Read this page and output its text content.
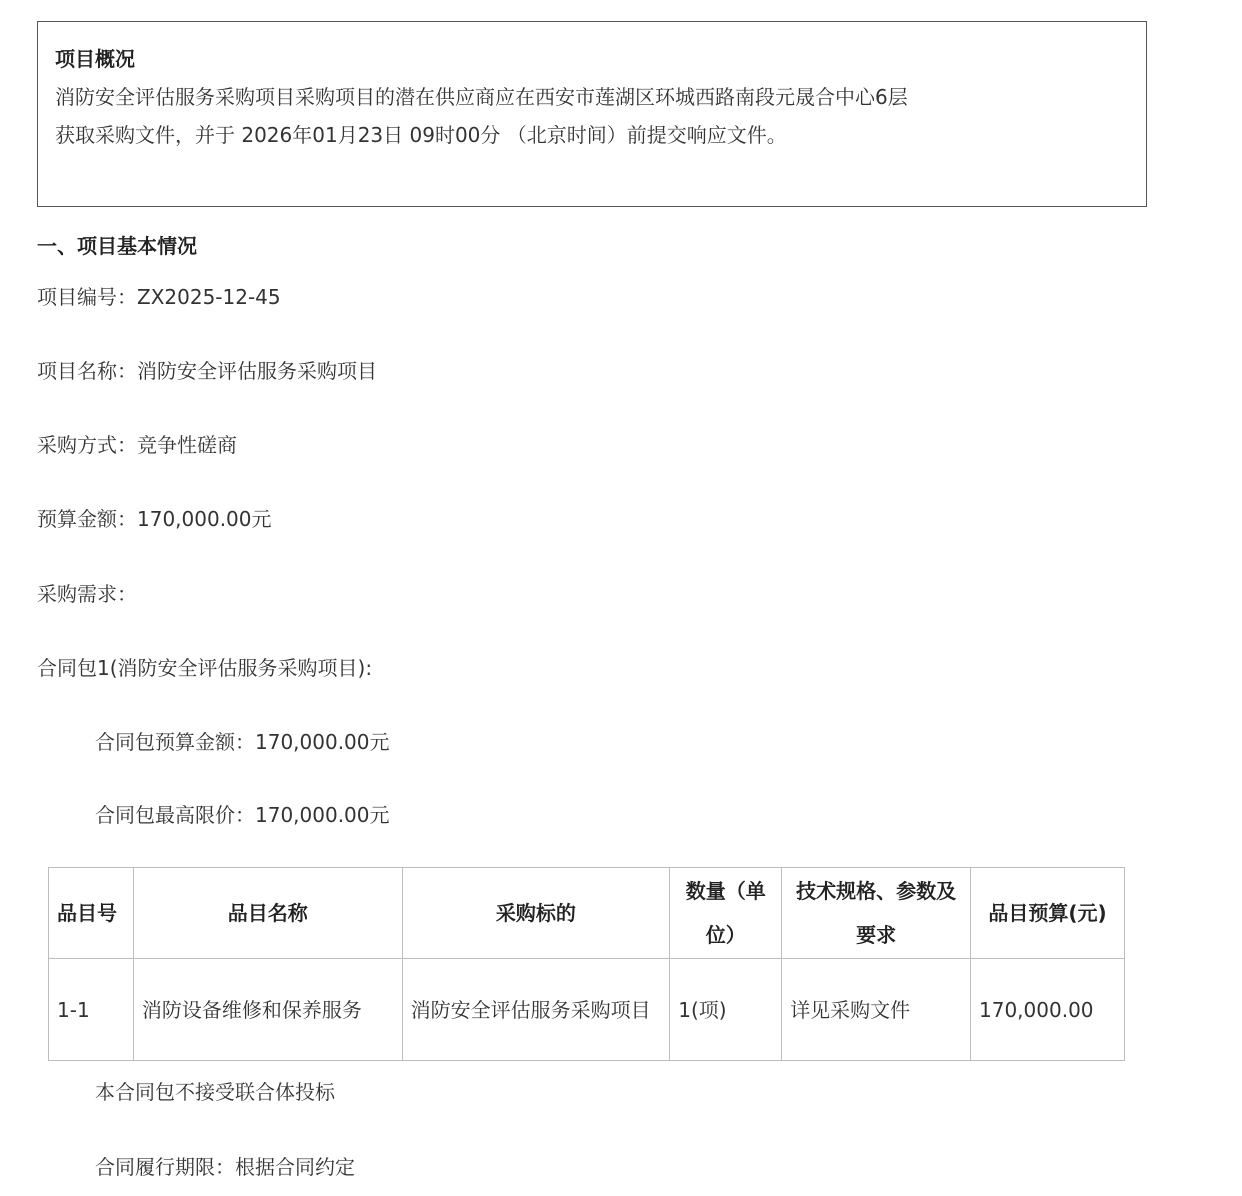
项目概况
消防安全评估服务采购项目采购项目的潜在供应商应在西安市莲湖区环城西路南段元晟合中心6层
获取采购文件，并于 2026年01月23日 09时00分 （北京时间）前提交响应文件。
一、项目基本情况
项目编号：ZX2025-12-45
项目名称：消防安全评估服务采购项目
采购方式：竞争性磋商
预算金额：170,000.00元
采购需求：
合同包1(消防安全评估服务采购项目):
合同包预算金额：170,000.00元
合同包最高限价：170,000.00元
品目号	品目名称	采购标的	数量（单位）	技术规格、参数及要求	品目预算(元)
1-1	消防设备维修和保养服务	消防安全评估服务采购项目	1(项)	详见采购文件	170,000.00
本合同包不接受联合体投标
合同履行期限：根据合同约定
